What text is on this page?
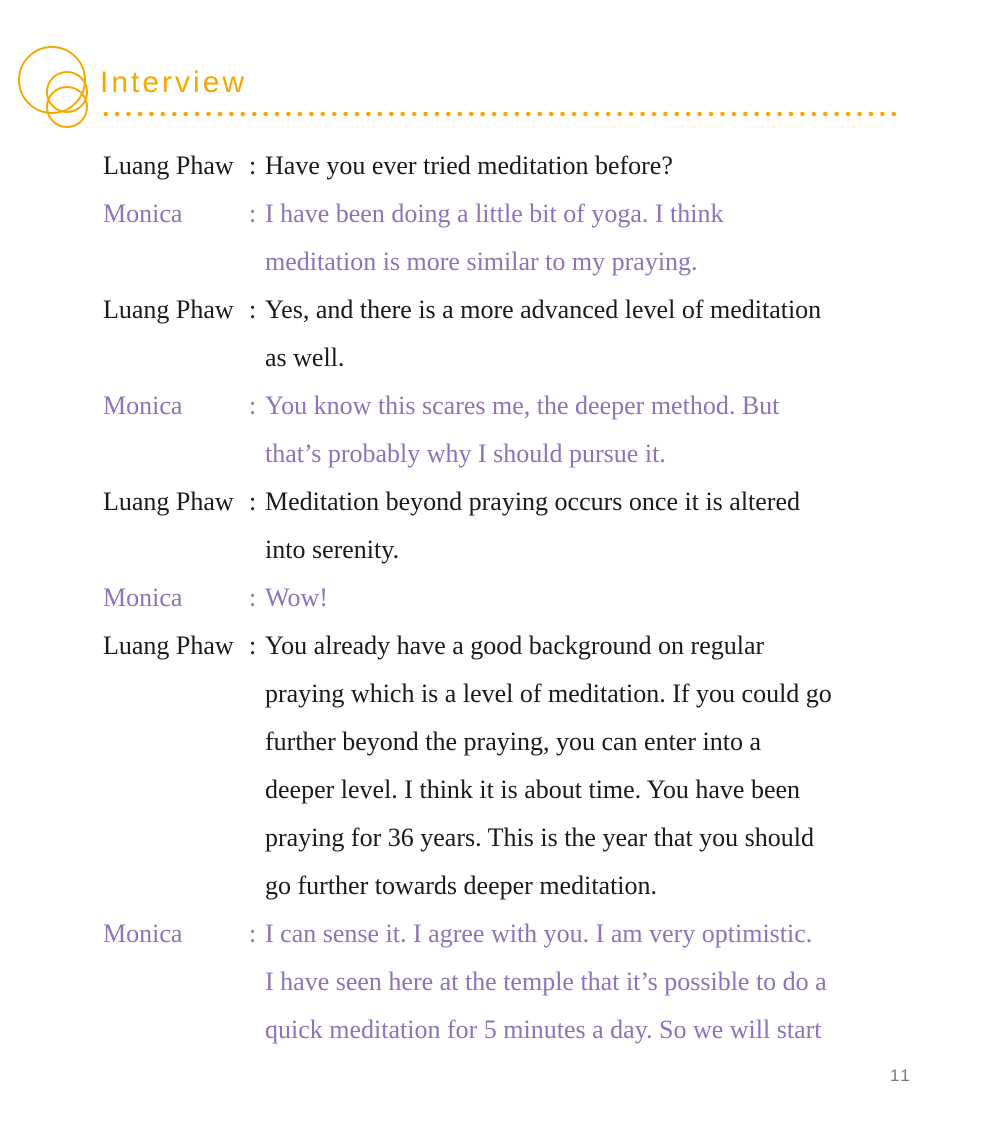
Interview
Luang Phaw : Have you ever tried meditation before?
Monica	: I have been doing a little bit of yoga. I think
meditation is more similar to my praying.
Luang Phaw : Yes, and there is a more advanced level of meditation
as well.
Monica	: You know this scares me, the deeper method. But
that’s probably why I should pursue it.
Luang Phaw : Meditation beyond praying occurs once it is altered
into serenity.
Monica	: Wow!
Luang Phaw : You already have a good background on regular
praying which is a level of meditation. If you could go
further beyond the praying, you can enter into a
deeper level. I think it is about time. You have been
praying for 36 years. This is the year that you should
go further towards deeper meditation.
Monica	: I can sense it. I agree with you. I am very optimistic.
I have seen here at the temple that it’s possible to do a
quick meditation for 5 minutes a day. So we will start
11
